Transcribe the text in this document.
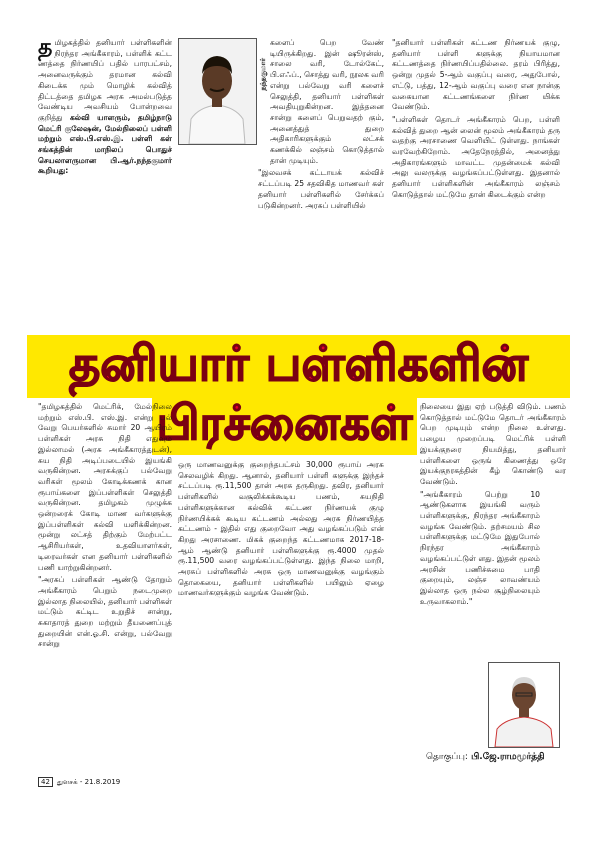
தமிழகத்தில் தனியார் பள்ளிகளின் நிரந்தர அங்கீகாரம், பள்ளிக் கட்ட ணத்தை நிர்ணயிப் பதில் பாரபட்சம், அனைவருக்கும் தரமான கல்வி கிடைக்க மும் மொழிக் கல்வித் திட்டத்தை தமிழக அரசு அமல்படுத்த வேண்டிய அவசியம் போன்றவை குறித்து கல்வி யாளரும், தமிழ்நாடு மெட்ரி குலேஷன், மேல்நிலைப் பள்ளி மற்றும் எஸ்.பி.எஸ்.இ. பள்ளி கள் சங்கத்தின் மாநிலப் பொதுச் செயலாளருமான பி.ஆர்.நந்தகுமார் கூறியது:

நந்தகுமார்

களைப் பெற வேண் டியிருக்கிறது. இன் ஷூரன்ஸ், சாலை வரி, டோல்கேட், பி.எஃப்., சொத்து வரி, நூலக வரி என்று பல்வேறு வரி களைச் செலுத்தி, தனியார் பள்ளிகள் அவதியுறுகின்றன. இத்தனை சான்று களைப் பெறுவதற் கும், அனைத்துத் துறை அதிகாரிகளுக்கும் லட்சக் கணக்கில் லஞ்சம் கொடுத்தால் தான் முடியும்.

"இலவசக் கட்டாயக் கல்விச் சட்டப்படி 25 சதவிகித மாணவர் கள் தனியார் பள்ளிகளில் சேர்க்கப் படுகின்றனர். அரசுப் பள்ளியில்

"தனியார் பள்ளிகள் கட்டண நிர்ணயக் குழு, தனியார் பள்ளி களுக்கு நியாயமான கட்டணத்தை நிர்ணயிப்பதில்லை. தரம் பிரித்து, ஒன்று முதல் 5-ஆம் வகுப்பு வரை, அதுபோல், எட்டு, பத்து, 12-ஆம் வகுப்பு வரை என நான்கு வகையான கட்டணங்களை நிர்ண யிக்க வேண்டும்.

"பள்ளிகள் தொடர் அங்கீகாரம் பெற, பள்ளி கல்வித் துறை ஆன் லைன் மூலம் அங்கீகாரம் தரு வதற்கு அரசாணை வெளியிட் டுள்ளது. நாங்கள் வரவேற்கிறோம். அதேநேரத்தில், அனைத்து அதிகாரங்களும் மாவட்ட முதன்மைக் கல்வி அலு வலருக்கு வழங்கப்பட்டுள்ளது. இதனால் தனியார் பள்ளிகளின் அங்கீகாரம் லஞ்சம் கொடுத்தால் மட்டுமே தான் கிடைக்கும் என்ற

தனியார் பள்ளிகளின்
பிரச்னைகள்

"தமிழகத்தில் மெட்ரிக், மேல்நிலை மற்றும் எஸ்.பி. எஸ்.இ. என்று பல் வேறு பெயர்களில் சுமார் 20 ஆயிரம் பள்ளிகள் அரசு நிதி எதுவும் இல்லாமல் (அரசு அங்கீகாரத்துடன்), சுய நிதி அடிப்படையில் இயங்கி வருகின்றன. அரசுக்குப் பல்வேறு வரிகள் மூலம் கோடிக்கணக் கான ரூபாய்களை இப்பள்ளிகள் செலுத்தி வருகின்றன. தமிழகம் முழுக்க ஒன்றரைக் கோடி மாண வர்களுக்கு இப்பள்ளிகள் கல்வி யளிக்கின்றன. மூன்று லட்சத் திற்கும் மேற்பட்ட ஆசிரியர்கள், உதவியாளர்கள், டிரைவர்கள் என தனியார் பள்ளிகளில் பணி யாற்றுகின்றனர்.

"அரசுப் பள்ளிகள் ஆண்டு தோறும் அங்கீகாரம் பெறும் நடைமுறை இல்லாத நிலையில், தனியார் பள்ளிகள் மட்டும் கட்டிட உறுதிச் சான்று, சுகாதாரத் துறை மற்றும் தீயணைப்புத் துறையின் என்.ஓ.சி. என்று, பல்வேறு சான்று

ஒரு மாணவனுக்கு குறைந்தபட்சம் 30,000 ரூபாய் அரசு செலவழிக் கிறது. ஆனால், தனியார் பள்ளி களுக்கு இந்தச் சட்டப்படி ரூ.11,500 தான் அரசு தருகிறது. தவிர, தனியார் பள்ளிகளில் வசூலிக்கக்கூடிய பணம், சுயநிதி பள்ளிகளுக்கான கல்விக் கட்டண நிர்ணயக் குழு நிர்ணயிக்கக் கூடிய கட்டணம் அல்லது அரசு நிர்ணயித்த கட்டணம் - இதில் எது குறைவோ அது வழங்கப்படும் என் கிறது அரசாணை. மிகக் குறைந்த கட்டணமாக 2017-18-ஆம் ஆண்டு தனியார் பள்ளிகளுக்கு ரூ.4000 முதல் ரூ.11,500 வரை வழங்கப்பட்டுள்ளது. இந்த நிலை மாறி, அரசுப் பள்ளிகளில் அரசு ஒரு மாணவனுக்கு வழங்கும் தொகையை, தனியார் பள்ளிகளில் பயிலும் ஏழை மாணவர்களுக்கும் வழங்க வேண்டும்.

நிலையை இது ஏற் படுத்தி விடும். பணம் கொடுத்தால் மட்டுமே தொடர் அங்கீகாரம் பெற முடியும் என்ற நிலை உள்ளது. பழைய முறைப்படி மெட்ரிக் பள்ளி இயக்குநரை நியமித்து, தனியார் பள்ளிகளை ஒருங் கிணைத்து ஒரே இயக்குநரகத்தின் கீழ் கொண்டு வர வேண்டும்.

"அங்கீகாரம் பெற்று 10 ஆண்டுகளாக இயங்கி வரும் பள்ளிகளுக்கு, நிரந்தர அங்கீகாரம் வழங்க வேண்டும். தற்சமயம் சில பள்ளிகளுக்கு மட்டுமே இதுபோல் நிரந்தர அங்கீகாரம் வழங்கப்பட்டுள் ளது. இதன் மூலம் அரசின் பணிச்சுமை பாதி குறையும், லஞ்ச லாவண்யம் இல்லாத ஒரு நல்ல சூழ்நிலையும் உருவாகலாம்."

தொகுப்பு: பி.ஜே.ராமமூர்த்தி
42	துளசக் - 21.8.2019
